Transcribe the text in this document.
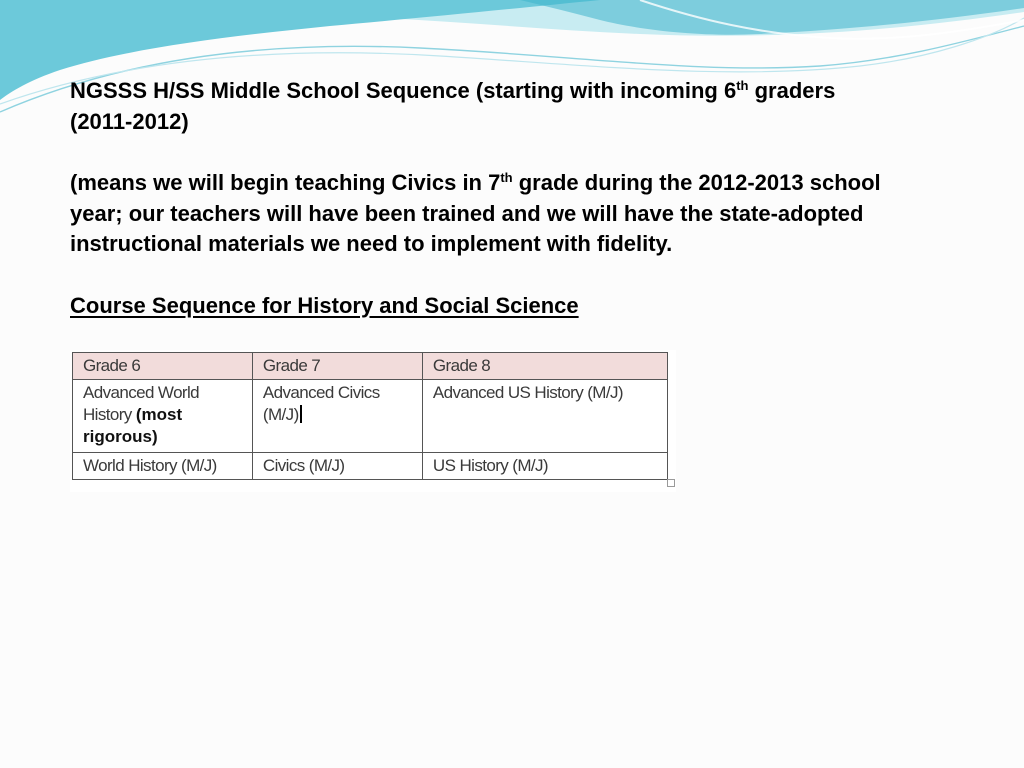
NGSSS H/SS Middle School Sequence (starting with incoming 6th graders (2011-2012)

(means we will begin teaching Civics in 7th grade during the 2012-2013 school year; our teachers will have been trained and we will have the state-adopted instructional materials we need to implement with fidelity.

Course Sequence for History and Social Science

Grade 6	Grade 7	Grade 8
Advanced World History (most rigorous)	Advanced Civics (M/J)	Advanced US History (M/J)
World History (M/J)	Civics (M/J)	US History (M/J)
